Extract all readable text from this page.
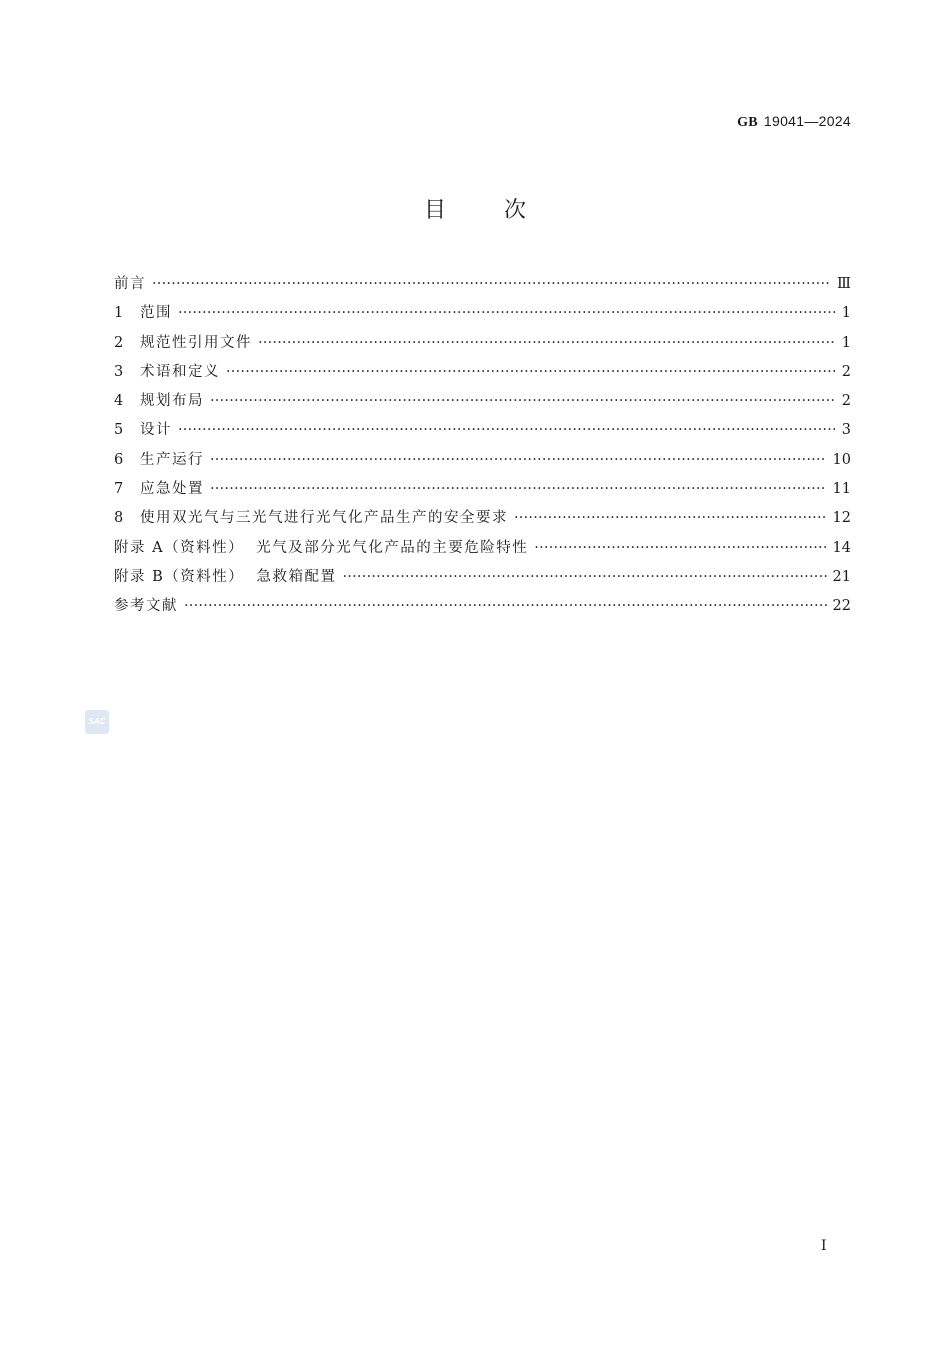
GB 19041—2024
目次
前言 ·····	Ⅲ
1	范围 ·····	1
2	规范性引用文件 ·····	1
3	术语和定义 ·····	2
4	规划布局 ·····	2
5	设计 ·····	3
6	生产运行 ·····	10
7	应急处置 ·····	11
8	使用双光气与三光气进行光气化产品生产的安全要求 ·····	12
附录 A（资料性）  光气及部分光气化产品的主要危险特性 ·····	14
附录 B（资料性）  急救箱配置 ·····	21
参考文献 ·····	22
SAC
I
